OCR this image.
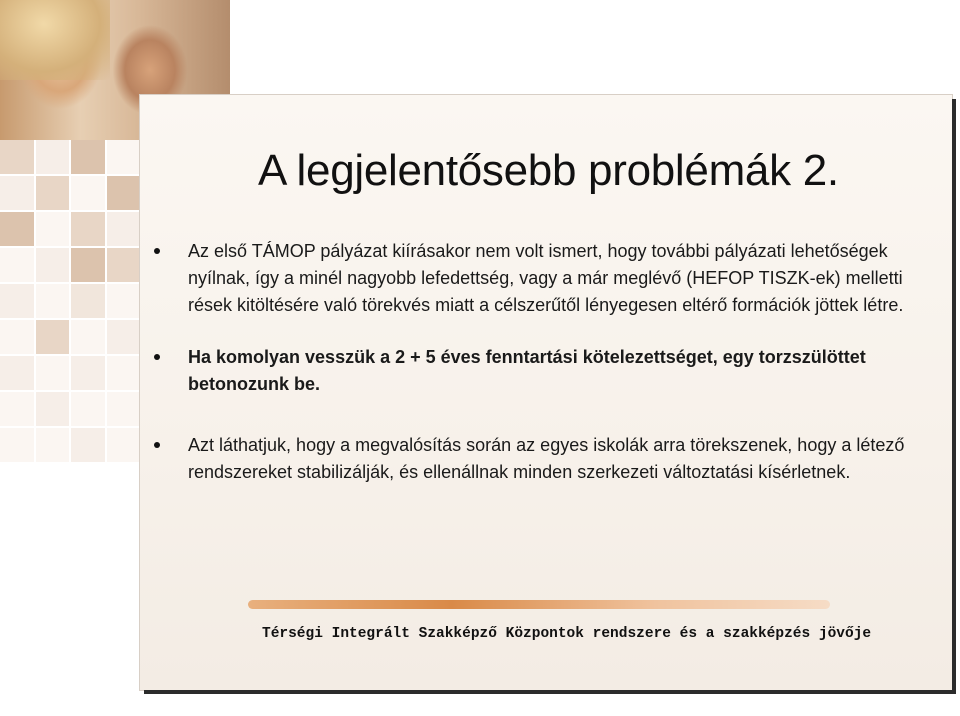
A legjelentősebb problémák 2.
Az első TÁMOP pályázat kiírásakor nem volt ismert, hogy további pályázati lehetőségek nyílnak, így a minél nagyobb lefedettség, vagy a már meglévő (HEFOP TISZK-ek) melletti rések kitöltésére való törekvés miatt a célszerűtől lényegesen eltérő formációk jöttek létre.
Ha komolyan vesszük a 2 + 5 éves fenntartási kötelezettséget, egy torzszülöttet betonozunk be.
Azt láthatjuk, hogy a megvalósítás során az egyes iskolák arra törekszenek, hogy a létező rendszereket stabilizálják, és ellenállnak minden szerkezeti változtatási kísérletnek.

Térségi Integrált Szakképző Központok rendszere és a szakképzés jövője
